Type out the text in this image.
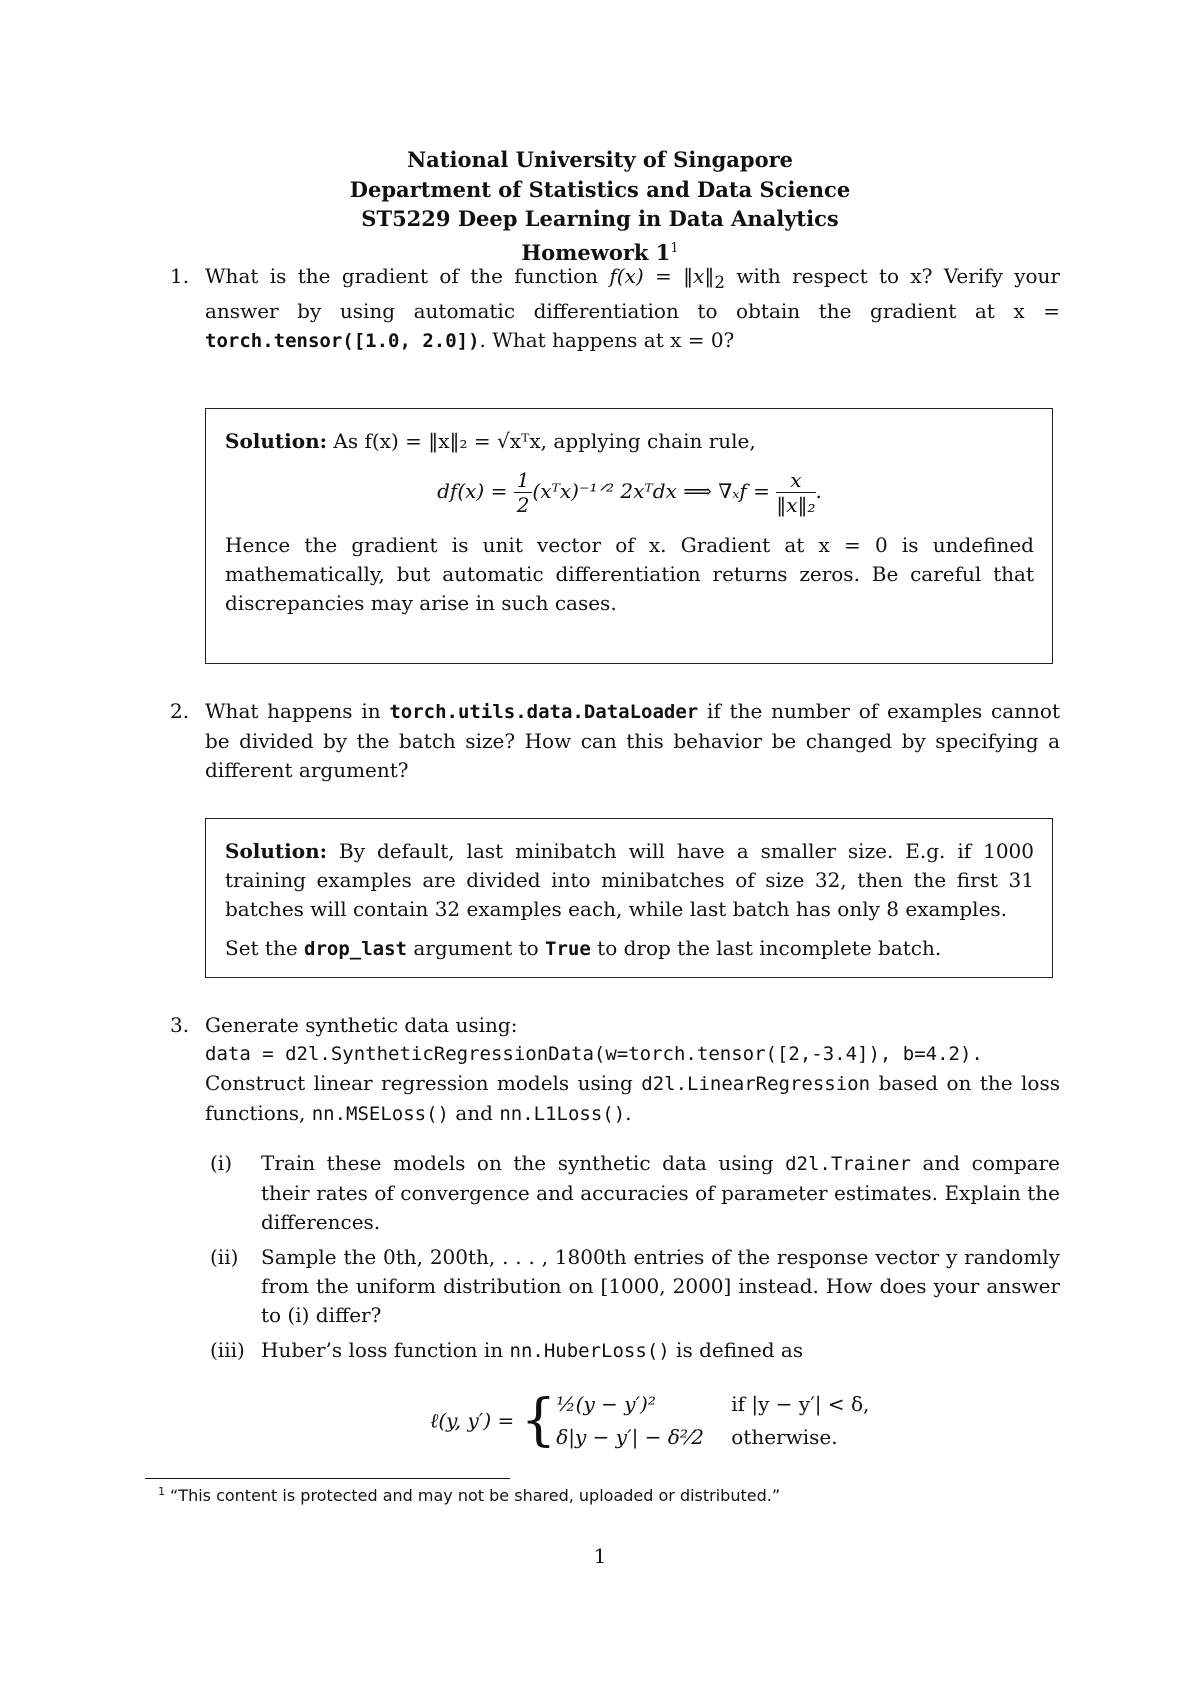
National University of Singapore
Department of Statistics and Data Science
ST5229 Deep Learning in Data Analytics
Homework $1^1$
1. What is the gradient of the function $f(x) = ‖x‖_2$ with respect to x? Verify your answer by using automatic differentiation to obtain the gradient at x = torch.tensor([1.0, 2.0]). What happens at x = 0?

Solution: As f(x) = ‖x‖₂ = √xᵀx, applying chain rule,

$df(x) = \frac{1}{2}$ (xᵀx)⁻¹ᐟ² 2xᵀdx ⟹ $\nabla_xf = \frac{x}{\text{‖x‖₂}}$ .

Hence the gradient is unit vector of x. Gradient at x = 0 is undefined mathematically, but automatic differentiation returns zeros. Be careful that discrepancies may arise in such cases.

2. What happens in torch.utils.data.DataLoader if the number of examples cannot be divided by the batch size? How can this behavior be changed by specifying a different argument?

Solution: By default, last minibatch will have a smaller size. E.g. if 1000 training examples are divided into minibatches of size 32, then the first 31 batches will contain 32 examples each, while last batch has only 8 examples.

Set the drop_last argument to True to drop the last incomplete batch.

3. Generate synthetic data using:
data = d2l.SyntheticRegressionData(w=torch.tensor([2,-3.4]), b=4.2).
Construct linear regression models using d2l.LinearRegression based on the loss functions, nn.MSELoss() and nn.L1Loss().
(i) Train these models on the synthetic data using d2l.Trainer and compare their rates of convergence and accuracies of parameter estimates. Explain the differences.
(ii) Sample the 0th, 200th, . . . , 1800th entries of the response vector y randomly from the uniform distribution on [1000, 2000] instead. How does your answer to (i) differ?
(iii) Huber’s loss function in nn.HuberLoss() is defined as
ℓ(y, y′) = {½(y − y′)²	if |y − y′| < δ,
δ|y − y′| − δ²⁄2 otherwise.
1 “This content is protected and may not be shared, uploaded or distributed.”
1
